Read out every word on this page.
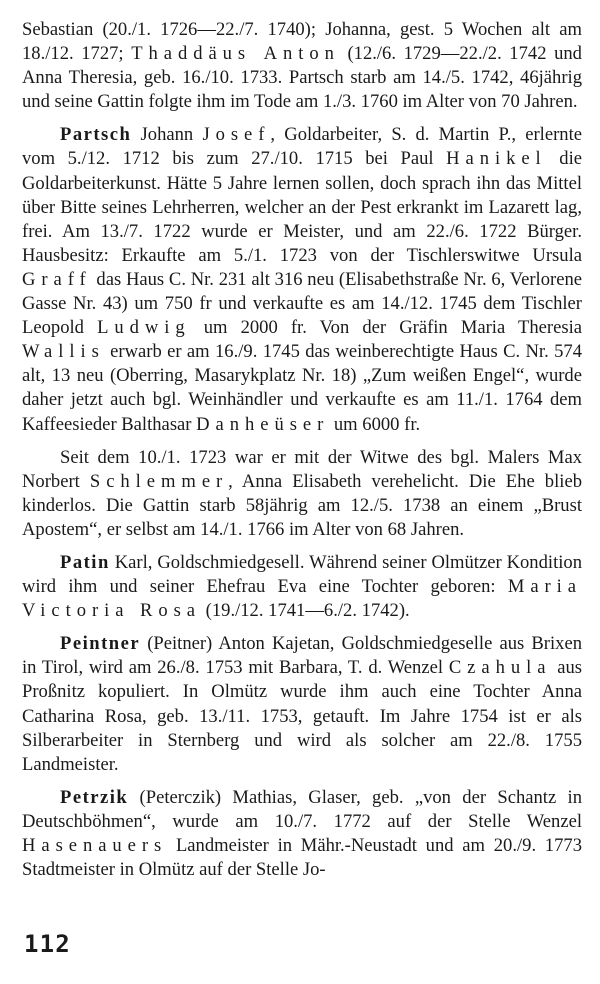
Sebastian (20./1. 1726—22./7. 1740); Johanna, gest. 5 Wochen alt am 18./12. 1727; Thaddäus Anton (12./6. 1729—22./2. 1742 und Anna Theresia, geb. 16./10. 1733. Partsch starb am 14./5. 1742, 46jährig und seine Gattin folgte ihm im Tode am 1./3. 1760 im Alter von 70 Jahren.

Partsch Johann Josef, Goldarbeiter, S. d. Martin P., erlernte vom 5./12. 1712 bis zum 27./10. 1715 bei Paul Hanikel die Goldarbeiterkunst. Hätte 5 Jahre lernen sollen, doch sprach ihn das Mittel über Bitte seines Lehrherren, welcher an der Pest erkrankt im Lazarett lag, frei. Am 13./7. 1722 wurde er Meister, und am 22./6. 1722 Bürger. Hausbesitz: Erkaufte am 5./1. 1723 von der Tischlerswitwe Ursula Graff das Haus C. Nr. 231 alt 316 neu (Elisabethstraße Nr. 6, Verlorene Gasse Nr. 43) um 750 fr und verkaufte es am 14./12. 1745 dem Tischler Leopold Ludwig um 2000 fr. Von der Gräfin Maria Theresia Wallis erwarb er am 16./9. 1745 das weinberechtigte Haus C. Nr. 574 alt, 13 neu (Oberring, Masarykplatz Nr. 18) „Zum weißen Engel“, wurde daher jetzt auch bgl. Weinhändler und verkaufte es am 11./1. 1764 dem Kaffeesieder Balthasar Danheüser um 6000 fr.

Seit dem 10./1. 1723 war er mit der Witwe des bgl. Malers Max Norbert Schlemmer, Anna Elisabeth verehelicht. Die Ehe blieb kinderlos. Die Gattin starb 58jährig am 12./5. 1738 an einem „Brust Apostem“, er selbst am 14./1. 1766 im Alter von 68 Jahren.

Patin Karl, Goldschmiedgesell. Während seiner Olmützer Kondition wird ihm und seiner Ehefrau Eva eine Tochter geboren: Maria Victoria Rosa (19./12. 1741—6./2. 1742).

Peintner (Peitner) Anton Kajetan, Goldschmiedgeselle aus Brixen in Tirol, wird am 26./8. 1753 mit Barbara, T. d. Wenzel Czahula aus Proßnitz kopuliert. In Olmütz wurde ihm auch eine Tochter Anna Catharina Rosa, geb. 13./11. 1753, getauft. Im Jahre 1754 ist er als Silberarbeiter in Sternberg und wird als solcher am 22./8. 1755 Landmeister.

Petrzik (Peterczik) Mathias, Glaser, geb. „von der Schantz in Deutschböhmen“, wurde am 10./7. 1772 auf der Stelle Wenzel Hasenauers Landmeister in Mähr.-Neustadt und am 20./9. 1773 Stadtmeister in Olmütz auf der Stelle Jo-

112
